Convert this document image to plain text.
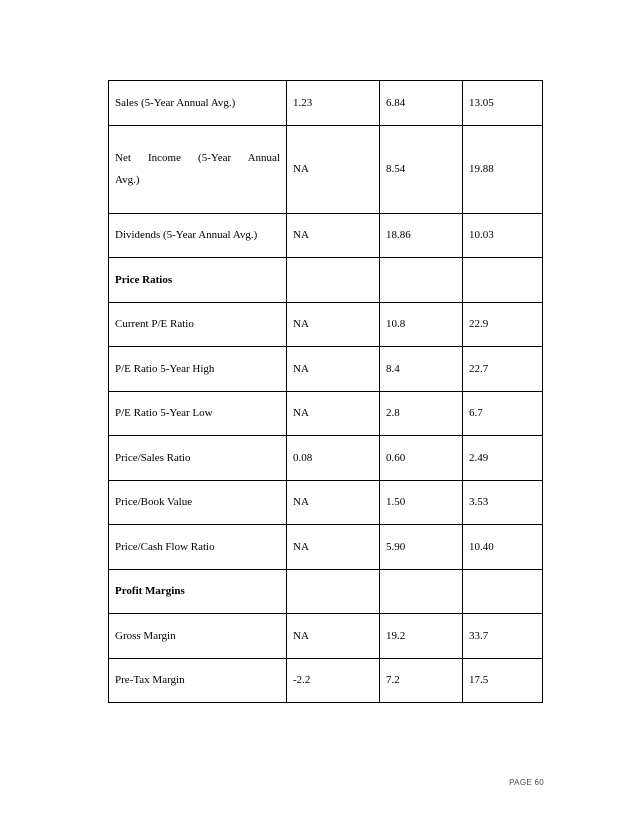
Sales (5-Year Annual Avg.)	1.23	6.84	13.05

Net Income (5-Year Annual
Avg.)	NA	8.54	19.88
Dividends (5-Year Annual Avg.)	NA	18.86	10.03
Price Ratios			
Current P/E Ratio	NA	10.8	22.9
P/E Ratio 5-Year High	NA	8.4	22.7
P/E Ratio 5-Year Low	NA	2.8	6.7
Price/Sales Ratio	0.08	0.60	2.49
Price/Book Value	NA	1.50	3.53
Price/Cash Flow Ratio	NA	5.90	10.40
Profit Margins			
Gross Margin	NA	19.2	33.7
Pre-Tax Margin	-2.2	7.2	17.5
PAGE 60
